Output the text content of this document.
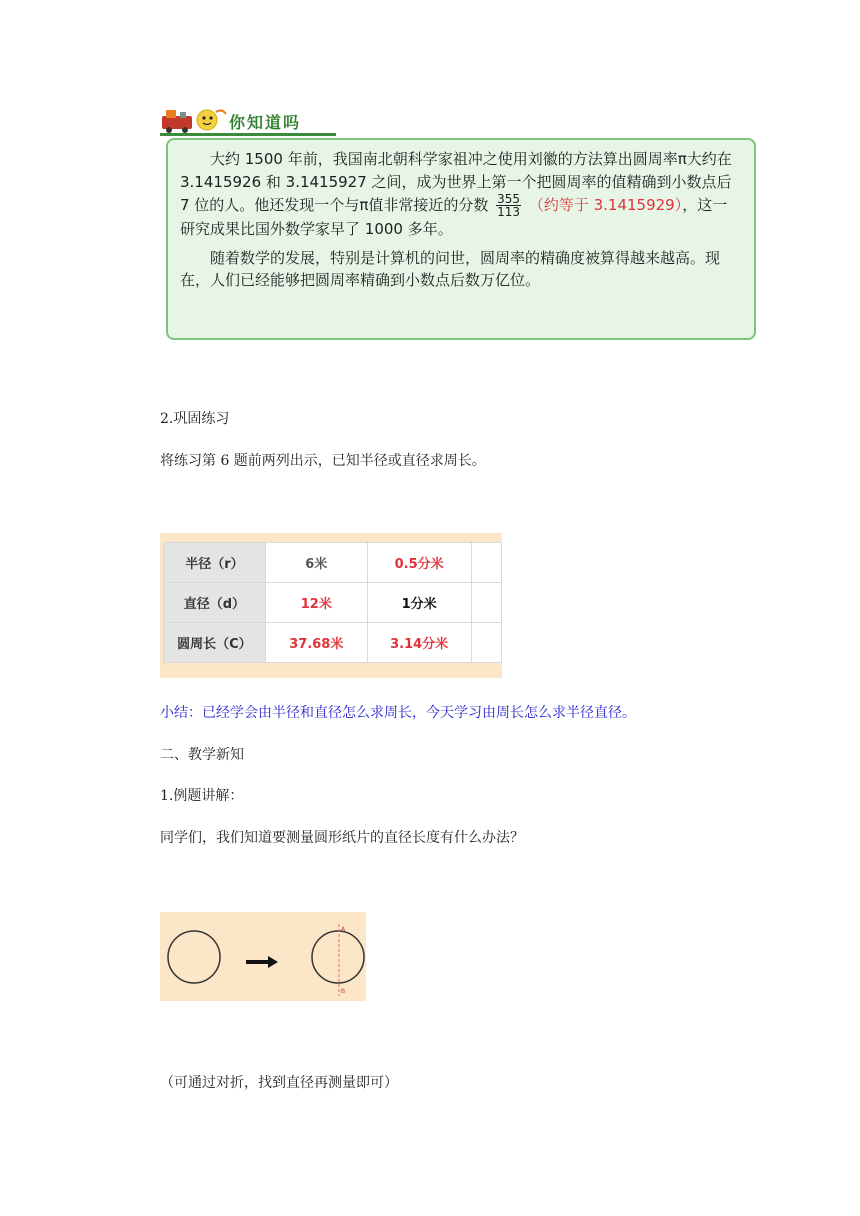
你知道吗

大约 1500 年前，我国南北朝科学家祖冲之使用刘徽的方法算出圆周率π大约在 3.1415926 和 3.1415927 之间，成为世界上第一个把圆周率的值精确到小数点后 7 位的人。他还发现一个与π值非常接近的分数 $\frac{355}{113}$ （约等于 3.1415929），这一研究成果比国外数学家早了 1000 多年。

随着数学的发展，特别是计算机的问世，圆周率的精确度被算得越来越高。现在，人们已经能够把圆周率精确到小数点后数万亿位。

2.巩固练习
将练习第 6 题前两列出示，已知半径或直径求周长。
半径（r）	6米	0.5分米	
直径（d）	12米	1分米	
圆周长（C）	37.68米	3.14分米	
小结：已经学会由半径和直径怎么求周长，今天学习由周长怎么求半径直径。
二、教学新知
1.例题讲解：
同学们，我们知道要测量圆形纸片的直径长度有什么办法？
A
B
（可通过对折，找到直径再测量即可）
